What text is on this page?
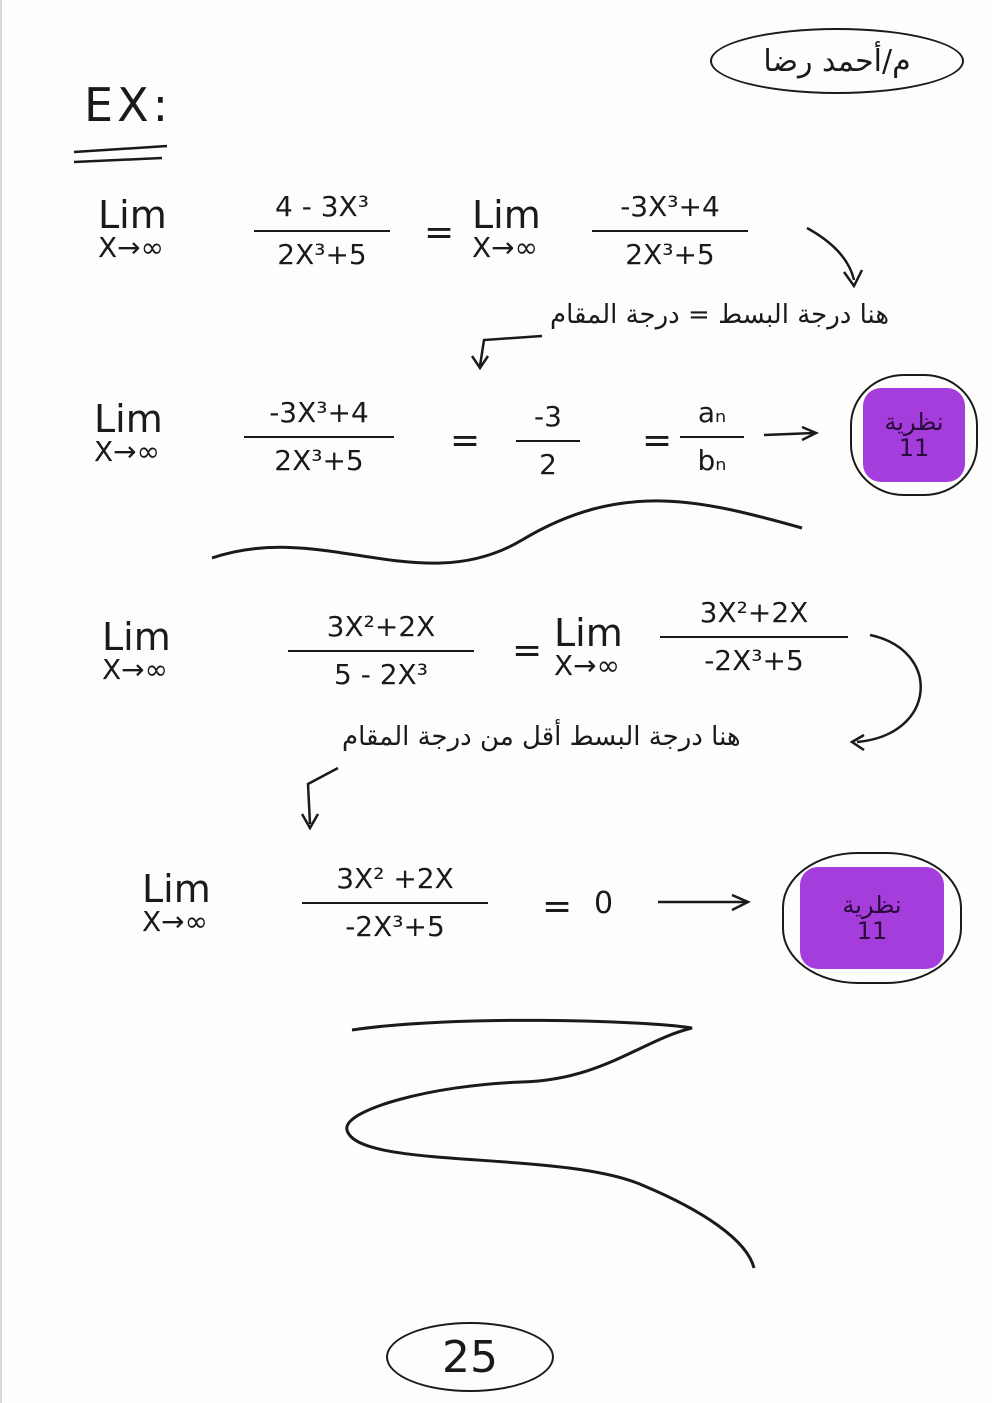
م/أحمد رضا
EX:
Lim
X→∞
4 - 3X³
2X³+5
= Lim
X→∞
-3X³+4
2X³+5
هنا درجة البسط = درجة المقام
Lim
X→∞
-3X³+4
2X³+5	=
-3
2
=
aₙ
bₙ
نظرية
11
Lim
X→∞
3X²+2X
5 - 2X³
= Lim
X→∞
3X²+2X
-2X³+5
هنا درجة البسط أقل من درجة المقام
Lim
X→∞
3X² +2X
-2X³+5	= 0	نظرية
11
25
